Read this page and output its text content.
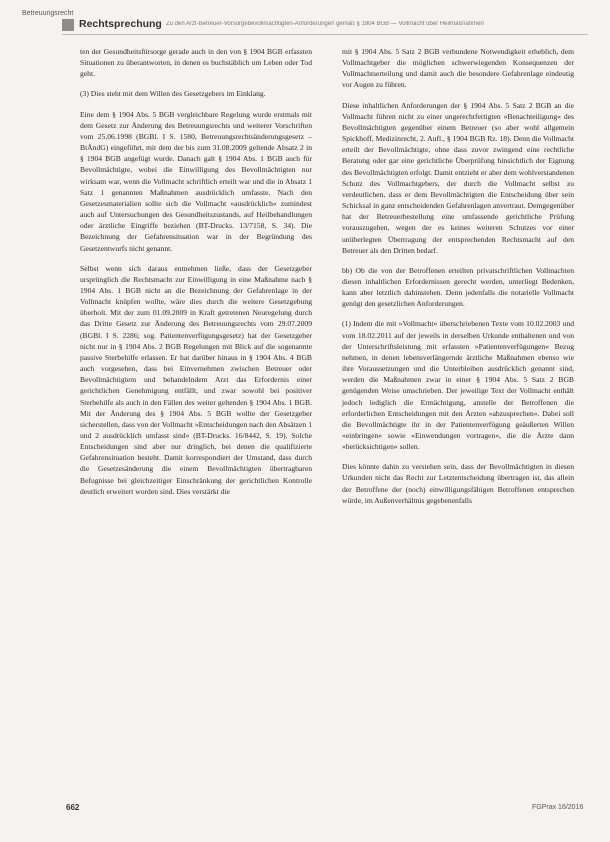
Betreuungsrecht
Rechtsprechung Zu den Arzt-Betreuer-Vorsorgebevollmächtigten-Anforderungen gemäß § 1904 BGB — Vollmacht über Heilmaßnahmen

ten der Gesundheitsfürsorge gerade auch in den von § 1904 BGB erfassten Situationen zu überantworten, in denen es buchstäblich um Leben oder Tod geht.

(3) Dies steht mit dem Willen des Gesetzgebers im Einklang.

Eine dem § 1904 Abs. 5 BGB vergleichbare Regelung wurde erstmals mit dem Gesetz zur Änderung des Betreuungsrechts und weiterer Vorschriften vom 25.06.1998 (BGBl. I S. 1580, Betreuungsrechtsänderungsgesetz – BtÄndG) eingeführt, mit dem der bis zum 31.08.2009 geltende Absatz 2 in § 1904 BGB angefügt wurde. Danach galt § 1904 Abs. 1 BGB auch für Bevollmächtigte, wobei die Einwilligung des Bevollmächtigten nur wirksam war, wenn die Vollmacht schriftlich erteilt war und die in Absatz 1 Satz 1 genannten Maßnahmen ausdrücklich umfasste. Nach den Gesetzesmaterialien sollte sich die Vollmacht »ausdrücklich« zumindest auch auf Untersuchungen des Gesundheitszustands, auf Heilbehandlungen oder ärztliche Eingriffe beziehen (BT-Drucks. 13/7158, S. 34). Die Bezeichnung der Gefahrensituation war in der Begründung des Gesetzentwurfs nicht genannt.

Selbst wenn sich daraus entnehmen ließe, dass der Gesetzgeber ursprünglich die Rechtsmacht zur Einwilligung in eine Maßnahme nach § 1904 Abs. 1 BGB nicht an die Bezeichnung der Gefahrenlage in der Vollmacht knüpfen wollte, wäre dies durch die weitere Gesetzgebung überholt. Mit der zum 01.09.2009 in Kraft getretenen Neuregelung durch das Dritte Gesetz zur Änderung des Betreuungsrechts vom 29.07.2009 (BGBl. I S. 2286; sog. Patientenverfügungsgesetz) hat der Gesetzgeber nicht nur in § 1904 Abs. 2 BGB Regelungen mit Blick auf die sogenannte passive Sterbehilfe erlassen. Er hat darüber hinaus in § 1904 Abs. 4 BGB auch vorgesehen, dass bei Einvernehmen zwischen Betreuer oder Bevollmächtigtem und behandelndem Arzt das Erfordernis einer gerichtlichen Genehmigung entfällt, und zwar sowohl bei positiver Sterbehilfe als auch in den Fällen des weiter geltenden § 1904 Abs. 1 BGB. Mit der Änderung des § 1904 Abs. 5 BGB wollte der Gesetzgeber sicherstellen, dass von der Vollmacht »Entscheidungen nach den Absätzen 1 und 2 ausdrücklich umfasst sind« (BT-Drucks. 16/8442, S. 19). Solche Entscheidungen sind aber nur dringlich, bei denen die qualifizierte Gefahrensituation besteht. Damit korrespondiert der Umstand, dass durch die Gesetzesänderung die einem Bevollmächtigten übertragbaren Befugnisse bei gleichzeitiger Einschränkung der gerichtlichen Kontrolle deutlich erweitert worden sind. Dies verstärkt die

mit § 1904 Abs. 5 Satz 2 BGB verbundene Notwendigkeit erheblich, dem Vollmachtgeber die möglichen schwerwiegenden Konsequenzen der Vollmachtserteilung und damit auch die besondere Gefahrenlage eindeutig vor Augen zu führen.

Diese inhaltlichen Anforderungen der § 1904 Abs. 5 Satz 2 BGB an die Vollmacht führen nicht zu einer ungerechtfertigten »Benachteiligung« des Bevollmächtigten gegenüber einem Betreuer (so aber wohl allgemein Spickhoff, Medizinrecht, 2. Aufl., § 1904 BGB Rz. 18). Denn die Vollmacht erteilt der Bevollmächtigte, ohne dass zuvor zwingend eine rechtliche Beratung oder gar eine gerichtliche Überprüfung hinsichtlich der Eignung des Bevollmächtigten erfolgt. Damit entzieht er aber dem wohlverstandenen Schutz des Vollmachtgebers, der durch die Vollmacht selbst zu verdeutlichen, dass er dem Bevollmächtigten die Entscheidung über sein Schicksal in ganz entscheidenden Gefahrenlagen anvertraut. Demgegenüber hat der Betreuerbestellung eine umfassende gerichtliche Prüfung vorauszugehen, wegen der es keines weiteren Schutzes vor einer unüberlegten Übertragung der entsprechenden Rechtsmacht auf den Betreuer als den Dritten bedarf.

bb) Ob die von der Betroffenen erteilten privatschriftlichen Vollmachten diesen inhaltlichen Erfordernissen gerecht werden, unterliegt Bedenken, kann aber letztlich dahinstehen. Denn jedenfalls die notarielle Vollmacht genügt den gesetzlichen Anforderungen.

(1) Indem die mit »Vollmacht« überschriebenen Texte vom 10.02.2003 und vom 18.02.2011 auf der jeweils in derselben Urkunde enthaltenen und von der Unterschriftsleistung mit erfassten »Patientenverfügungen« Bezug nehmen, in denen lebensverlängernde ärztliche Maßnahmen ebenso wie ihre Voraussetzungen und die Unterbleiben ausdrücklich genannt sind, werden die Maßnahmen zwar in einer § 1904 Abs. 5 Satz 2 BGB genügenden Weise umschrieben. Der jeweilige Text der Vollmacht enthält jedoch lediglich die Ermächtigung, anstelle der Betroffenen die erforderlichen Entscheidungen mit den Ärzten »abzusprechen«. Dabei soll die Bevollmächtigte ihr in der Patientenverfügung geäußerten Willen »einbringen« sowie »Einwendungen vortragen«, die die Ärzte dann »berücksichtigen« sollen.

Dies könnte dahin zu verstehen sein, dass der Bevollmächtigten in diesen Urkunden nicht das Recht zur Letztentscheidung übertragen ist, das allein der Betroffene der (noch) einwilligungsfähigen Betroffenen entsprechen würde, im Außenverhältnis gegebenenfalls

662	FGPrax 16/2016
